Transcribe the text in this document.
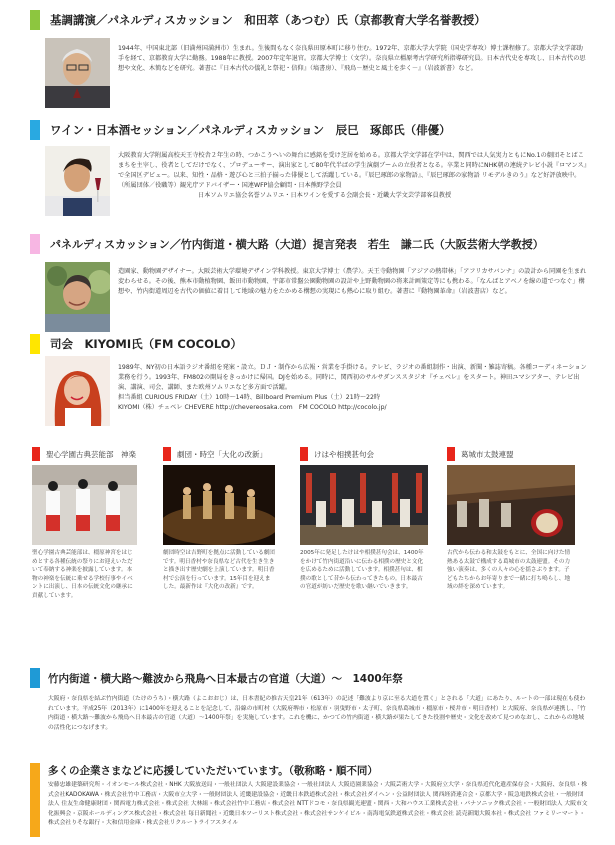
基調講演／パネルディスカッション　和田萃（あつむ）氏（京都教育大学名誉教授）
1944年、中国東北部（旧満州国満洲市）生まれ。生後間もなく奈良県田原本町に移り住む。1972年、京都大学大学院（国史学専攻）博士課程修了。京都大学文学部助手を経て、京都教育大学に勤務。1988年に教授。2007年定年退官。京都大学博士（文学）。奈良県立橿原考古学研究所指導研究員。日本古代史を専攻し、日本古代の思想や文化、木簡などを研究。著書に『日本古代の儀礼と祭祀・信仰』（塙書房）、『飛鳥－歴史と風土を歩く－』（岩波新書）など。
ワイン・日本酒セッション／パネルディスカッション　辰巳　琢郎氏（俳優）
大阪教育大学附属高校天王寺校舎２年生の時、つかこうへいの舞台に感銘を受け芝居を始める。京都大学文学部在学中は、関西では人気実力ともにNo.1の劇団そとばこまちを主宰し、役者としてだけでなく、プロデューサー、演出家として80年代半ばの学生演劇ブームの立役者となる。卒業と同時にNHK朝の連続テレビ小説『ロマンス』で全国区デビュー。以来、知性・品格・遊び心と三拍子揃った俳優として活躍している。『辰巳琢郎の家物語』、『辰巳琢郎の家物語 リモデルきのう』など好評放映中。
（所属団体／役職等）観光庁アドバイザー・国連WFP協会顧問・日本熊野学会員
日本ソムリエ協会名誉ソムリエ・日本ワインを愛する会副会長・近畿大学文芸学部客員教授
パネルディスカッション／竹内街道・横大路（大道）提言発表　若生　謙二氏（大阪芸術大学教授）
造園家、動物園デザイナー。大阪芸術大学環境デザイン学科教授。東京大学博士（農学）。天王寺動物園「アジアの熱帯林」「アフリカサバンナ」の設計から同園を生まれ変わらせる。その後、熊本市動植物園、飯田市動物園、宇部市常盤公園動物園の設計や上野動物園の将来計画策定等にも携わる。「なんばとアベノを線の道でつなぐ」構想や、竹内街道周辺を古代の価値に着目して地域の魅力をたかめる構想の実現にも熱心に取り組む。著書に『動物園革命』（岩波書店）など。
司会　KIYOMI氏（FM COCOLO）
1989年、NY初の日本語ラジオ番組を発案・設立。ＤＪ・制作から広報・営業を手掛ける。テレビ、ラジオの番組制作・出演、新聞・雑誌寄稿。各種コーディネーション業務を行う。1993年、FM802の開局をきっかけに帰国。DJを始める。同時に、関西初のサルサダンススタジオ『チェベレ』をスタート。神田ユマシアター、テレビ出演、講演、司会、講師、また欧州ソムリエなど多方面で活躍。
担当番組 CURIOUS FRIDAY（土）10時〜14時、Billboard Premium Plus（土）21時〜22時
KIYOMI（株）チェベレ CHEVERE http://chevereosaka.com　FM COCOLO http://cocolo.jp/
聖心学園古典芸能部　神楽
聖心学園古典芸能部は、橿原神宮をはじめとする各種伝統の祭りにお迎えいただいて奉納する神楽を披露しています。本物の神楽を伝統に乗せる学校行事やイベントに出演し、日本の伝統文化の継承に貢献しています。
劇団・時空「大化の改新」
劇団時空は吉野町を拠点に活動している劇団です。明日香村や奈良県など古代を生き生きと描き出す歴史劇を上演しています。明日香村で公演を行っています。15年目を迎えました。最新作は『大化の改新』です。
けはや相撲甚句会
2005年に発足したけはや相撲甚句会は、1400年をかけて竹内街道沿いに伝わる相撲の歴史と文化を広めるために活動しています。相撲甚句は、相撲の歌として昔から伝わってきたもの。日本最古の官道が紡いだ歴史を歌い継いでいきます。
葛城市太鼓連盟
古代から伝わる和太鼓をもとに、全国に向けた情熱ある太鼓で構成する葛城市の太鼓連盟。その力強い演奏は、多くの人々の心を揺さぶります。子どもたちからお年寄りまで一緒に打ち鳴らし、地域の絆を深めています。
竹内街道・横大路〜難波から飛鳥へ日本最古の官道（大道）〜　1400年祭
大阪府・奈良県を結ぶ竹内街道（たけのうち）・横大路（よこおおじ）は、日本書紀の推古天皇21年（613年）の記述「難波より京に至る大道を置く」とされる「大道」にあたり、ルートの一部は現在も使われています。平成25年（2013年）に1400年を迎えることを記念して、沿線の市町村（大阪府堺市・松原市・羽曳野市・太子町、奈良県葛城市・橿原市・桜井市・明日香村）と大阪府、奈良県が連携し、「竹内街道・横大路〜難波から飛鳥へ日本最古の官道（大道）〜1400年祭」を実施しています。これを機に、かつての竹内街道・横大路が果たしてきた役割や歴史・文化を改めて見つめなおし、これからの地域の活性化につなげます。
多くの企業さまなどに応援していただいています。（敬称略・順不同）
安藤忠雄建築研究所・イオンモール株式会社・NHK 大阪放送局・一般社団法人 大阪建設業協会・一般社団法人 大阪造園業協会・大阪芸術大学・大阪府立大学・奈良県近代化遺産保存会・大阪府、奈良県・株式会社KADOKAWA・株式会社竹中工務店・大阪市立大学・一般財団法人 近畿建設協会・近畿日本鉄道株式会社・株式会社ダイヘン・公益財団法人 関西経済連合会・京都大学・阪急電鉄株式会社・一般財団法人 住友生命健康財団・関西電力株式会社・株式会社 大林組・株式会社竹中工務店・株式会社 NTTドコモ・奈良県観光連盟・関西・大和ハウス工業株式会社・パナソニック株式会社・一般財団法人 大阪市文化振興会・京阪ホールディングス株式会社・株式会社 毎日新聞社・近畿日本ツーリスト株式会社・株式会社サンケイビル・南海電気鉄道株式会社・株式会社 読売新聞大阪本社・株式会社 ファミリーマート・株式会社りそな銀行・大和信用金庫・株式会社リクルートライフスタイル
